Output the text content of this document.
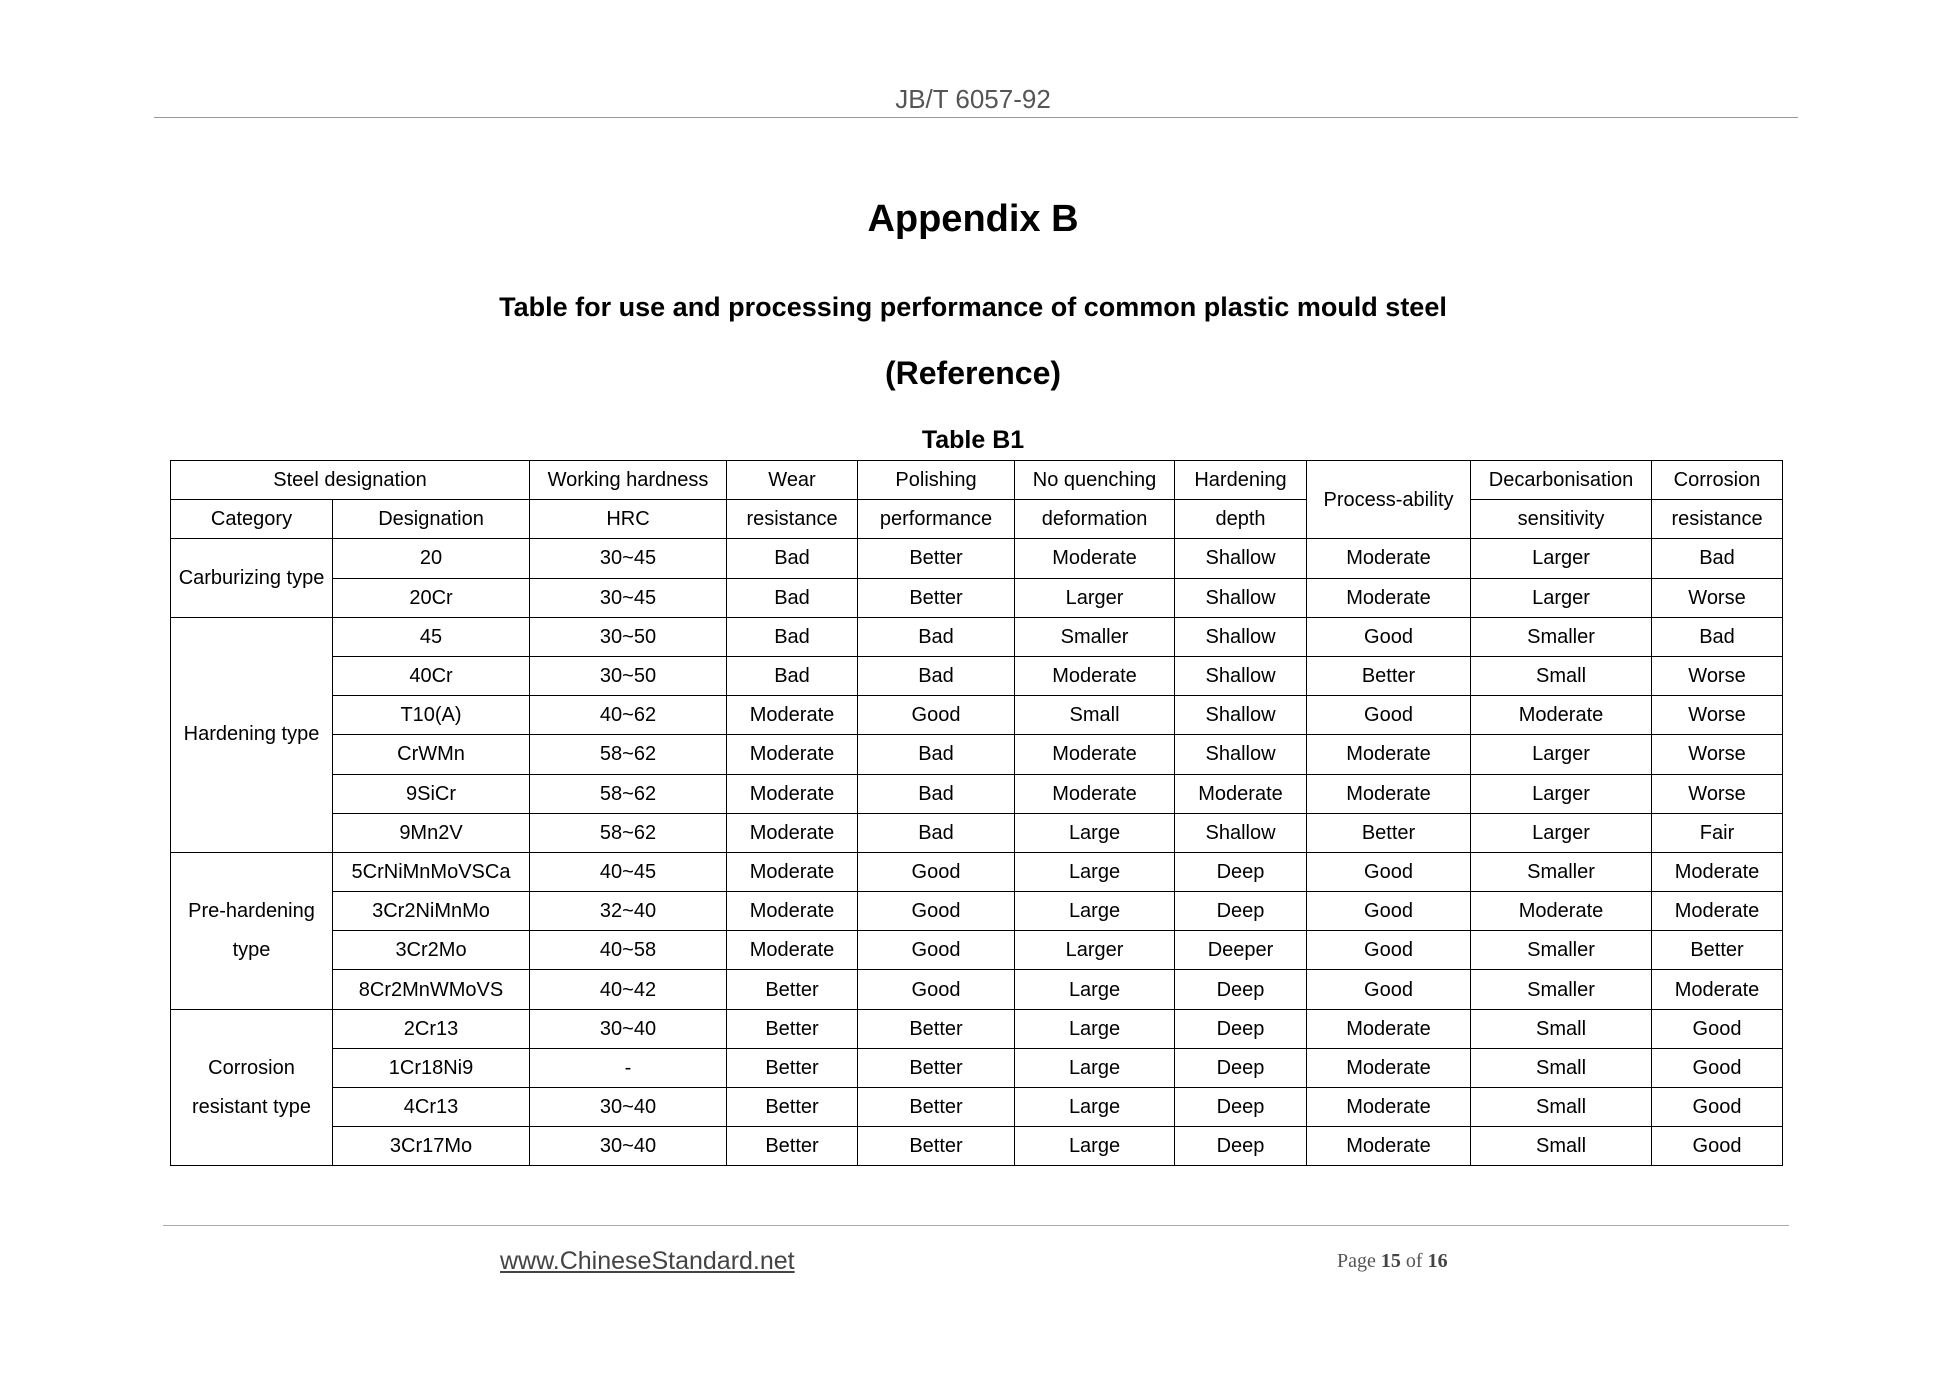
JB/T 6057-92
Appendix B
Table for use and processing performance of common plastic mould steel
(Reference)
Table B1
Steel designation		Working hardness	Wear	Polishing	No quenching	Hardening	Process-ability	Decarbonisation	Corrosion
Category	Designation	HRC	resistance	performance	deformation	depth		sensitivity	resistance
Carburizing type	20	30~45	Bad	Better	Moderate	Shallow	Moderate	Larger	Bad
	20Cr	30~45	Bad	Better	Larger	Shallow	Moderate	Larger	Worse
Hardening type	45	30~50	Bad	Bad	Smaller	Shallow	Good	Smaller	Bad
	40Cr	30~50	Bad	Bad	Moderate	Shallow	Better	Small	Worse
	T10(A)	40~62	Moderate	Good	Small	Shallow	Good	Moderate	Worse
	CrWMn	58~62	Moderate	Bad	Moderate	Shallow	Moderate	Larger	Worse
	9SiCr	58~62	Moderate	Bad	Moderate	Moderate	Moderate	Larger	Worse
	9Mn2V	58~62	Moderate	Bad	Large	Shallow	Better	Larger	Fair
Pre-hardening type	5CrNiMnMoVSCa	40~45	Moderate	Good	Large	Deep	Good	Smaller	Moderate
	3Cr2NiMnMo	32~40	Moderate	Good	Large	Deep	Good	Moderate	Moderate
	3Cr2Mo	40~58	Moderate	Good	Larger	Deeper	Good	Smaller	Better
	8Cr2MnWMoVS	40~42	Better	Good	Large	Deep	Good	Smaller	Moderate
Corrosion resistant type	2Cr13	30~40	Better	Better	Large	Deep	Moderate	Small	Good
	1Cr18Ni9	-	Better	Better	Large	Deep	Moderate	Small	Good
	4Cr13	30~40	Better	Better	Large	Deep	Moderate	Small	Good
	3Cr17Mo	30~40	Better	Better	Large	Deep	Moderate	Small	Good
www.ChineseStandard.net	Page 15 of 16
